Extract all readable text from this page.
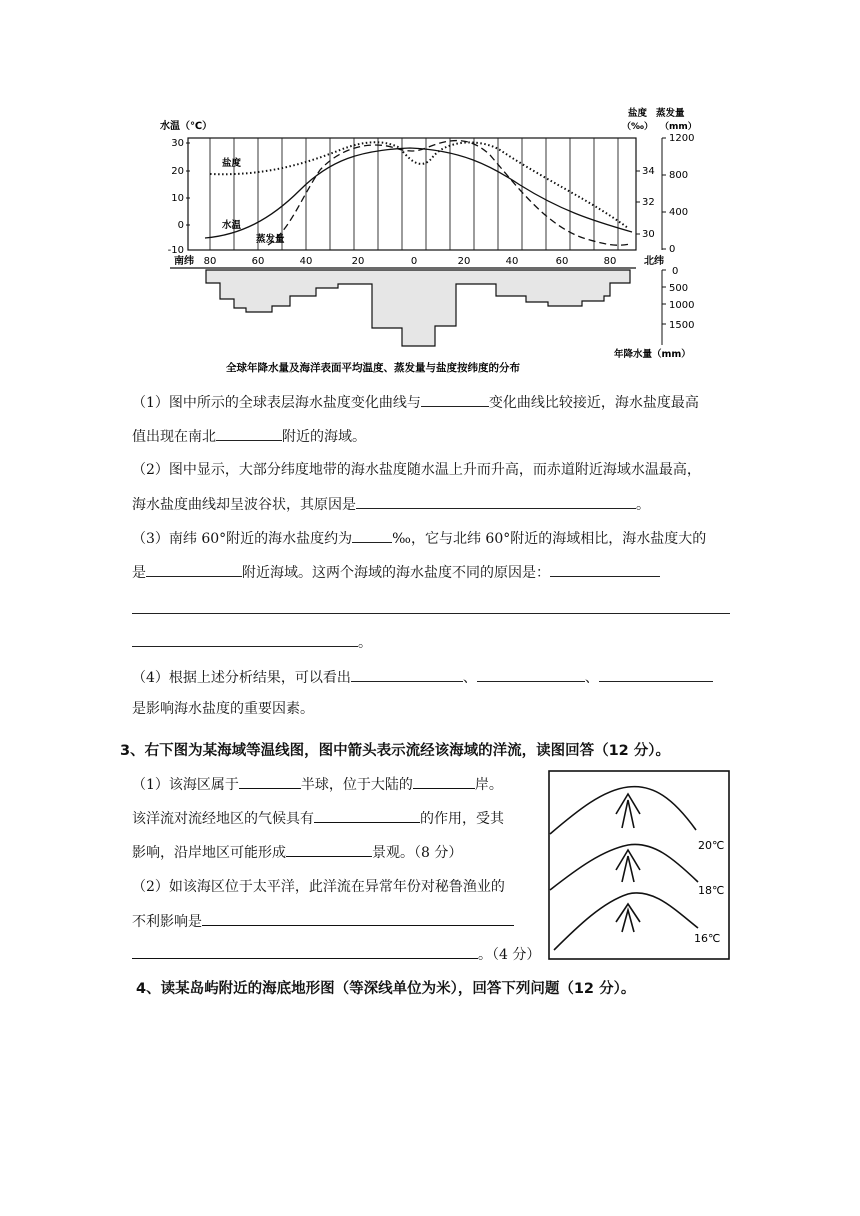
水温（℃）
盐度 蒸发量
（‰） （mm）
30
20
10
0
-10
34
32
30
1200
800
400
0
盐度
水温
蒸发量
南纬	北纬
80	60	40	20	0	20	40	60	80
0
500
1000
1500
年降水量（mm）
全球年降水量及海洋表面平均温度、蒸发量与盐度按纬度的分布
（1）图中所示的全球表层海水盐度变化曲线与	变化曲线比较接近，海水盐度最高
值出现在南北	附近的海域。
（2）图中显示，大部分纬度地带的海水盐度随水温上升而升高，而赤道附近海域水温最高，
海水盐度曲线却呈波谷状，其原因是	。
（3）南纬 60°附近的海水盐度约为	‰，它与北纬 60°附近的海域相比，海水盐度大的
是	附近海域。这两个海域的海水盐度不同的原因是：
。
（4）根据上述分析结果，可以看出	、	、
是影响海水盐度的重要因素。
3、右下图为某海域等温线图，图中箭头表示流经该海域的洋流，读图回答（12 分）。
（1）该海区属于	半球，位于大陆的	岸。
该洋流对流经地区的气候具有	的作用，受其
影响，沿岸地区可能形成	景观。（8 分）
（2）如该海区位于太平洋，此洋流在异常年份对秘鲁渔业的
不利影响是
。（4 分）
20℃
18℃
16℃
4、读某岛屿附近的海底地形图（等深线单位为米），回答下列问题（12 分）。
